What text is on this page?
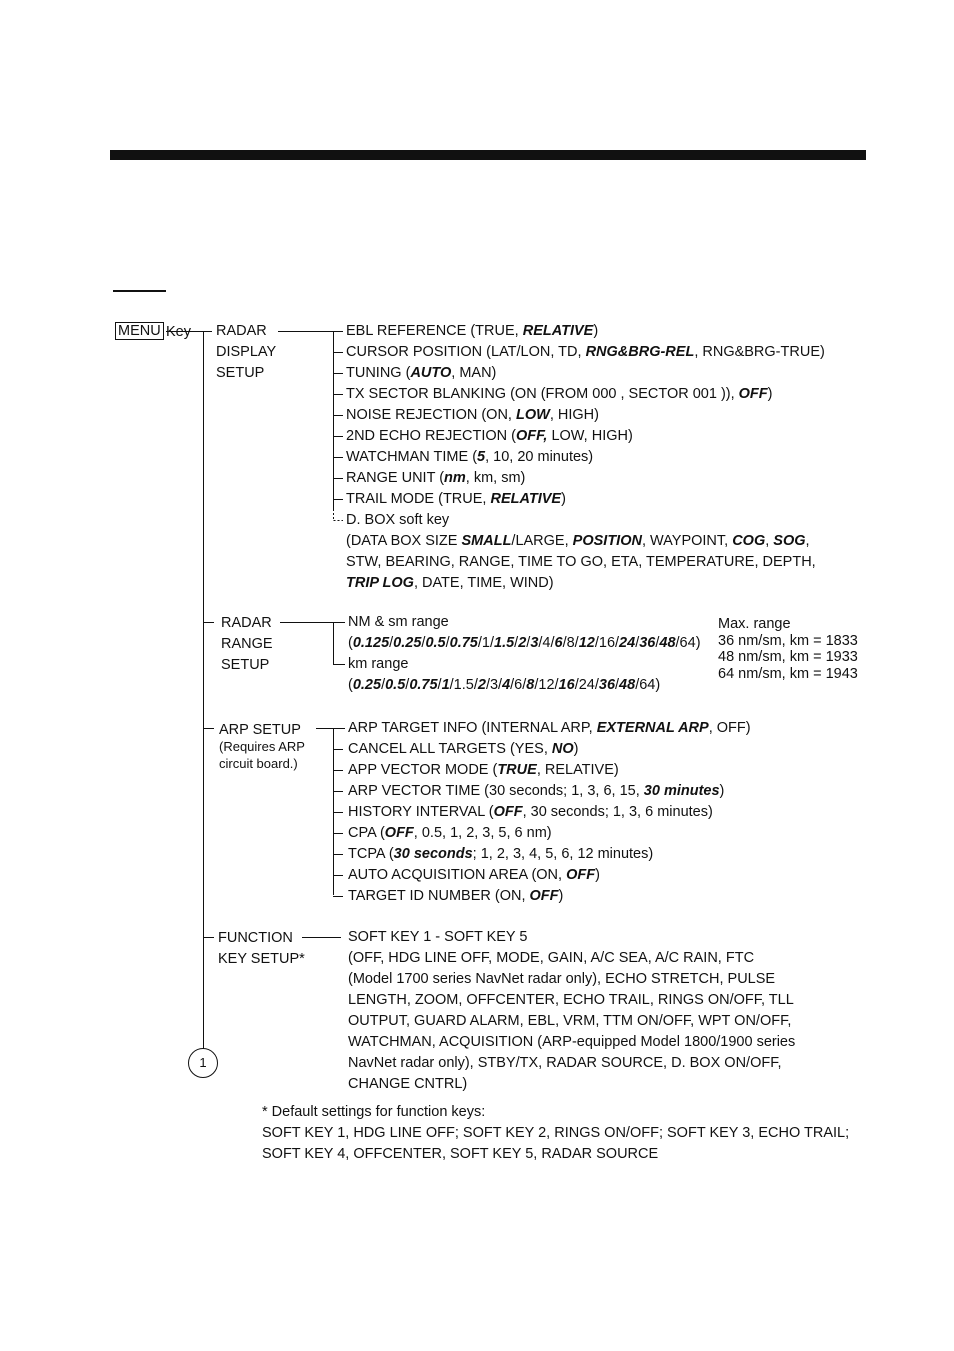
MENU Key RADAR
DISPLAY
SETUP
EBL REFERENCE (TRUE, RELATIVE)
CURSOR POSITION (LAT/LON, TD, RNG&BRG-REL, RNG&BRG-TRUE)
TUNING (AUTO, MAN)
TX SECTOR BLANKING (ON (FROM 000 , SECTOR 001 )), OFF)
NOISE REJECTION (ON, LOW, HIGH)
2ND ECHO REJECTION (OFF, LOW, HIGH)
WATCHMAN TIME (5, 10, 20 minutes)
RANGE UNIT (nm, km, sm)
TRAIL MODE (TRUE, RELATIVE)
D. BOX soft key
(DATA BOX SIZE SMALL/LARGE, POSITION, WAYPOINT, COG, SOG,
STW, BEARING, RANGE, TIME TO GO, ETA, TEMPERATURE, DEPTH,
TRIP LOG, DATE, TIME, WIND)
RADAR
RANGE
SETUP
NM & sm range
(0.125/0.25/0.5/0.75/1/1.5/2/3/4/6/8/12/16/24/36/48/64)
km range
(0.25/0.5/0.75/1/1.5/2/3/4/6/8/12/16/24/36/48/64)
Max. range
36 nm/sm, km = 1833
48 nm/sm, km = 1933
64 nm/sm, km = 1943
ARP SETUP
(Requires ARP
circuit board.)
ARP TARGET INFO (INTERNAL ARP, EXTERNAL ARP, OFF)
CANCEL ALL TARGETS (YES, NO)
APP VECTOR MODE (TRUE, RELATIVE)
ARP VECTOR TIME (30 seconds; 1, 3, 6, 15, 30 minutes)
HISTORY INTERVAL (OFF, 30 seconds; 1, 3, 6 minutes)
CPA (OFF, 0.5, 1, 2, 3, 5, 6 nm)
TCPA (30 seconds; 1, 2, 3, 4, 5, 6, 12 minutes)
AUTO ACQUISITION AREA (ON, OFF)
TARGET ID NUMBER (ON, OFF)
FUNCTION
KEY SETUP*
SOFT KEY 1 - SOFT KEY 5
(OFF, HDG LINE OFF, MODE, GAIN, A/C SEA, A/C RAIN, FTC
(Model 1700 series NavNet radar only), ECHO STRETCH, PULSE
LENGTH, ZOOM, OFFCENTER, ECHO TRAIL, RINGS ON/OFF, TLL
OUTPUT, GUARD ALARM, EBL, VRM, TTM ON/OFF, WPT ON/OFF,
WATCHMAN, ACQUISITION (ARP-equipped Model 1800/1900 series
NavNet radar only), STBY/TX, RADAR SOURCE, D. BOX ON/OFF,
CHANGE CNTRL)
1
* Default settings for function keys:
SOFT KEY 1, HDG LINE OFF; SOFT KEY 2, RINGS ON/OFF; SOFT KEY 3, ECHO TRAIL;
SOFT KEY 4, OFFCENTER, SOFT KEY 5, RADAR SOURCE
